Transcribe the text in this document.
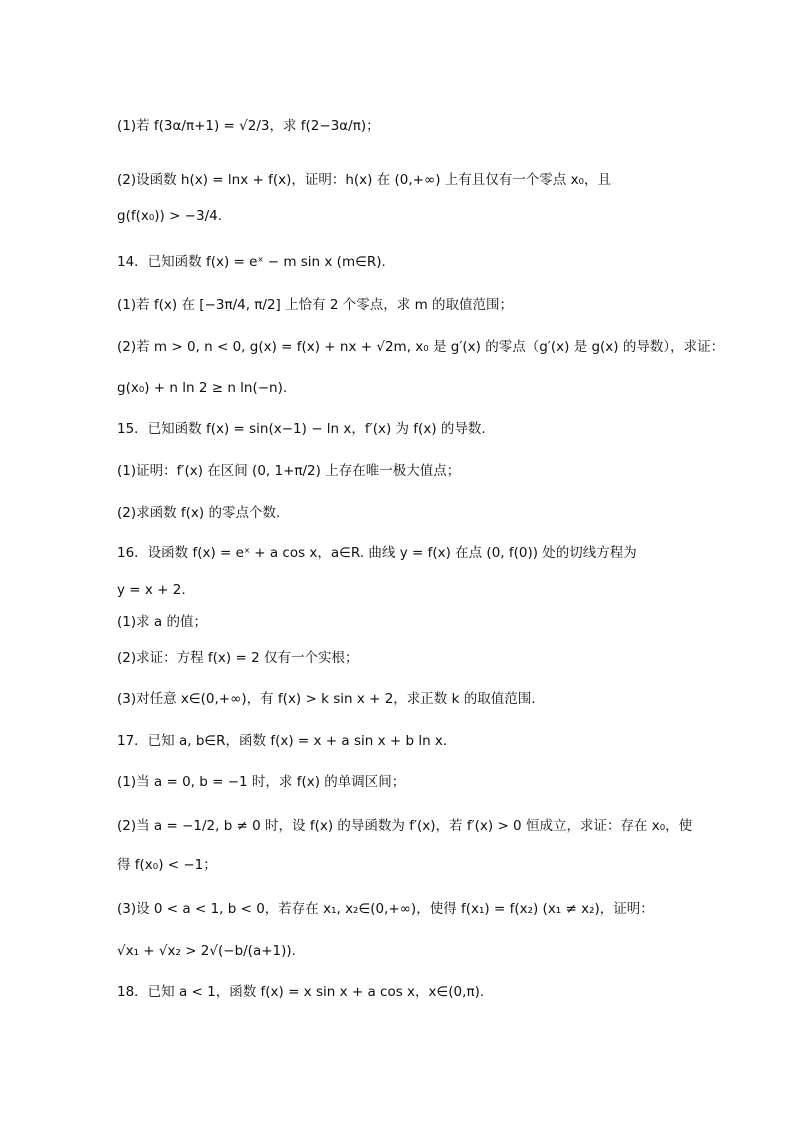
(1)若 f(3α/π+1) = √2/3，求 f(2−3α/π)；
(2)设函数 h(x) = lnx + f(x)，证明：h(x) 在 (0,+∞) 上有且仅有一个零点 x₀，且
g(f(x₀)) > −3/4.
14．已知函数 f(x) = eˣ − m sin x (m∈R).
(1)若 f(x) 在 [−3π/4, π/2] 上恰有 2 个零点，求 m 的取值范围；
(2)若 m > 0, n < 0, g(x) = f(x) + nx + √2m, x₀ 是 g′(x) 的零点（g′(x) 是 g(x) 的导数），求证：
g(x₀) + n ln 2 ≥ n ln(−n).
15．已知函数 f(x) = sin(x−1) − ln x，f′(x) 为 f(x) 的导数.
(1)证明：f′(x) 在区间 (0, 1+π/2) 上存在唯一极大值点；
(2)求函数 f(x) 的零点个数.
16．设函数 f(x) = eˣ + a cos x，a∈R. 曲线 y = f(x) 在点 (0, f(0)) 处的切线方程为
y = x + 2.
(1)求 a 的值；
(2)求证：方程 f(x) = 2 仅有一个实根；
(3)对任意 x∈(0,+∞)，有 f(x) > k sin x + 2，求正数 k 的取值范围.
17．已知 a, b∈R，函数 f(x) = x + a sin x + b ln x.
(1)当 a = 0, b = −1 时，求 f(x) 的单调区间；
(2)当 a = −1/2, b ≠ 0 时，设 f(x) 的导函数为 f′(x)，若 f′(x) > 0 恒成立，求证：存在 x₀，使
得 f(x₀) < −1；
(3)设 0 < a < 1, b < 0，若存在 x₁, x₂∈(0,+∞)，使得 f(x₁) = f(x₂) (x₁ ≠ x₂)，证明：
√x₁ + √x₂ > 2√(−b/(a+1)).
18．已知 a < 1，函数 f(x) = x sin x + a cos x，x∈(0,π).
